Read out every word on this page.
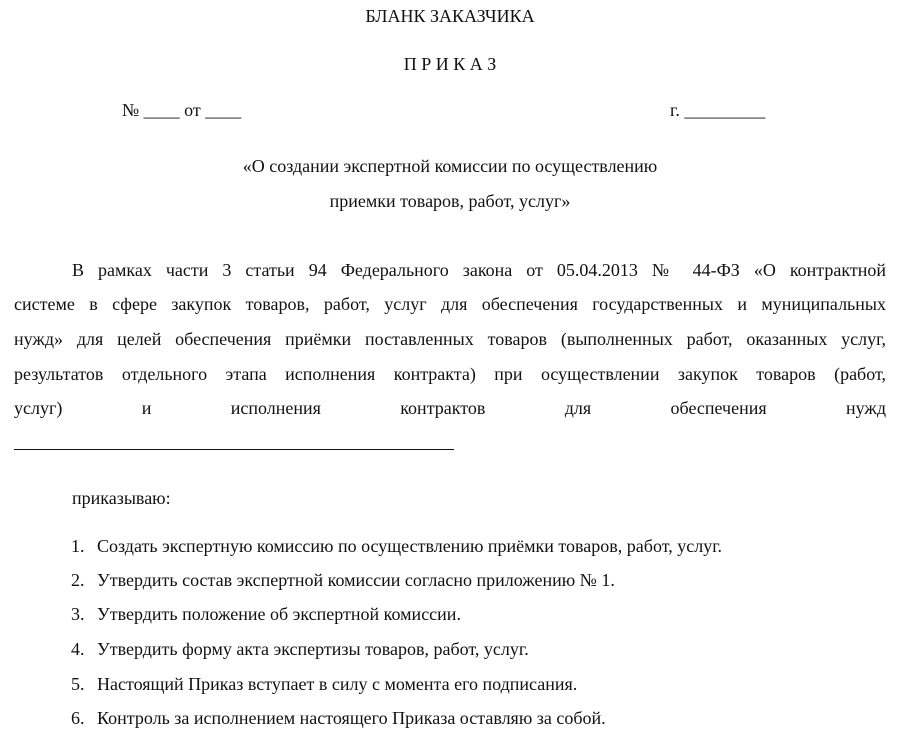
БЛАНК ЗАКАЗЧИКА
П Р И К А З
№ ____ от ____	г. _________
«О создании экспертной комиссии по осуществлению
приемки товаров, работ, услуг»
В рамках части 3 статьи 94 Федерального закона от 05.04.2013 № 44-ФЗ «О контрактной
системе в сфере закупок товаров, работ, услуг для обеспечения государственных и муниципальных
нужд» для целей обеспечения приёмки поставленных товаров (выполненных работ, оказанных услуг,
результатов отдельного этапа исполнения контракта) при осуществлении закупок товаров (работ,
услуг) и исполнения контрактов для обеспечения нужд
приказываю:
1. Создать экспертную комиссию по осуществлению приёмки товаров, работ, услуг.
2. Утвердить состав экспертной комиссии согласно приложению № 1.
3. Утвердить положение об экспертной комиссии.
4. Утвердить форму акта экспертизы товаров, работ, услуг.
5. Настоящий Приказ вступает в силу с момента его подписания.
6. Контроль за исполнением настоящего Приказа оставляю за собой.
